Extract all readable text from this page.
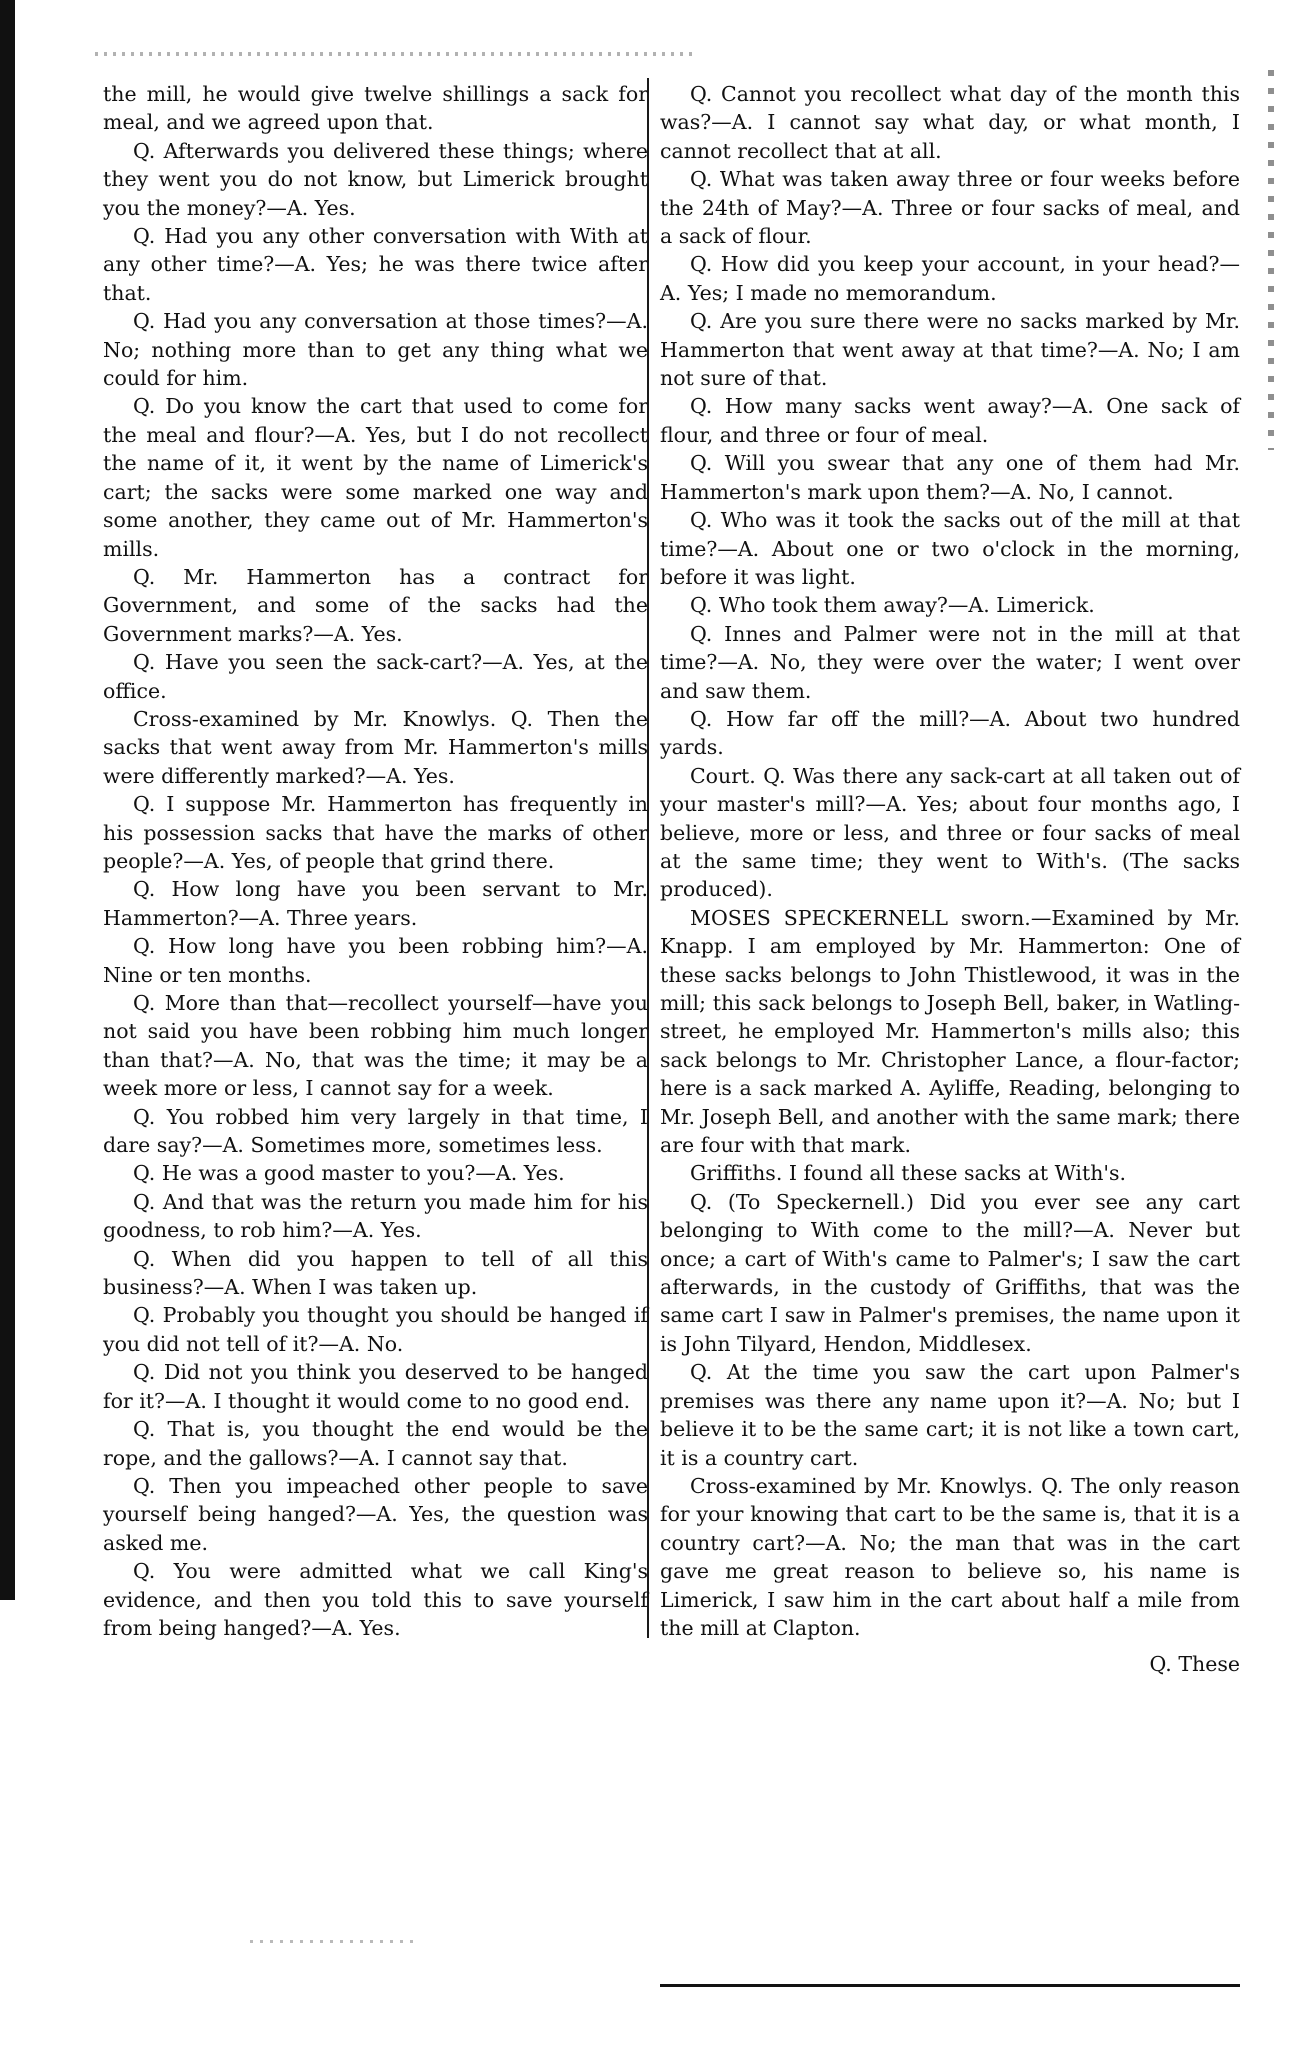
the mill, he would give twelve shillings a sack for meal, and we agreed upon that.

Q. Afterwards you delivered these things; where they went you do not know, but Limerick brought you the money?—A. Yes.

Q. Had you any other conversation with With at any other time?—A. Yes; he was there twice after that.

Q. Had you any conversation at those times?—A. No; nothing more than to get any thing what we could for him.

Q. Do you know the cart that used to come for the meal and flour?—A. Yes, but I do not recollect the name of it, it went by the name of Limerick's cart; the sacks were some marked one way and some another, they came out of Mr. Hammerton's mills.

Q. Mr. Hammerton has a contract for Government, and some of the sacks had the Government marks?—A. Yes.

Q. Have you seen the sack-cart?—A. Yes, at the office.

Cross-examined by Mr. Knowlys. Q. Then the sacks that went away from Mr. Hammerton's mills were differently marked?—A. Yes.

Q. I suppose Mr. Hammerton has frequently in his possession sacks that have the marks of other people?—A. Yes, of people that grind there.

Q. How long have you been servant to Mr. Hammerton?—A. Three years.

Q. How long have you been robbing him?—A. Nine or ten months.

Q. More than that—recollect yourself—have you not said you have been robbing him much longer than that?—A. No, that was the time; it may be a week more or less, I cannot say for a week.

Q. You robbed him very largely in that time, I dare say?—A. Sometimes more, sometimes less.

Q. He was a good master to you?—A. Yes.

Q. And that was the return you made him for his goodness, to rob him?—A. Yes.

Q. When did you happen to tell of all this business?—A. When I was taken up.

Q. Probably you thought you should be hanged if you did not tell of it?—A. No.

Q. Did not you think you deserved to be hanged for it?—A. I thought it would come to no good end.

Q. That is, you thought the end would be the rope, and the gallows?—A. I cannot say that.

Q. Then you impeached other people to save yourself being hanged?—A. Yes, the question was asked me.

Q. You were admitted what we call King's evidence, and then you told this to save yourself from being hanged?—A. Yes.

Q. Cannot you recollect what day of the month this was?—A. I cannot say what day, or what month, I cannot recollect that at all.

Q. What was taken away three or four weeks before the 24th of May?—A. Three or four sacks of meal, and a sack of flour.

Q. How did you keep your account, in your head?—A. Yes; I made no memorandum.

Q. Are you sure there were no sacks marked by Mr. Hammerton that went away at that time?—A. No; I am not sure of that.

Q. How many sacks went away?—A. One sack of flour, and three or four of meal.

Q. Will you swear that any one of them had Mr. Hammerton's mark upon them?—A. No, I cannot.

Q. Who was it took the sacks out of the mill at that time?—A. About one or two o'clock in the morning, before it was light.

Q. Who took them away?—A. Limerick.

Q. Innes and Palmer were not in the mill at that time?—A. No, they were over the water; I went over and saw them.

Q. How far off the mill?—A. About two hundred yards.

Court. Q. Was there any sack-cart at all taken out of your master's mill?—A. Yes; about four months ago, I believe, more or less, and three or four sacks of meal at the same time; they went to With's. (The sacks produced).

MOSES SPECKERNELL sworn.—Examined by Mr. Knapp. I am employed by Mr. Hammerton: One of these sacks belongs to John Thistlewood, it was in the mill; this sack belongs to Joseph Bell, baker, in Watling-street, he employed Mr. Hammerton's mills also; this sack belongs to Mr. Christopher Lance, a flour-factor; here is a sack marked A. Ayliffe, Reading, belonging to Mr. Joseph Bell, and another with the same mark; there are four with that mark.

Griffiths. I found all these sacks at With's.

Q. (To Speckernell.) Did you ever see any cart belonging to With come to the mill?—A. Never but once; a cart of With's came to Palmer's; I saw the cart afterwards, in the custody of Griffiths, that was the same cart I saw in Palmer's premises, the name upon it is John Tilyard, Hendon, Middlesex.

Q. At the time you saw the cart upon Palmer's premises was there any name upon it?—A. No; but I believe it to be the same cart; it is not like a town cart, it is a country cart.

Cross-examined by Mr. Knowlys. Q. The only reason for your knowing that cart to be the same is, that it is a country cart?—A. No; the man that was in the cart gave me great reason to believe so, his name is Limerick, I saw him in the cart about half a mile from the mill at Clapton.

Q. These
